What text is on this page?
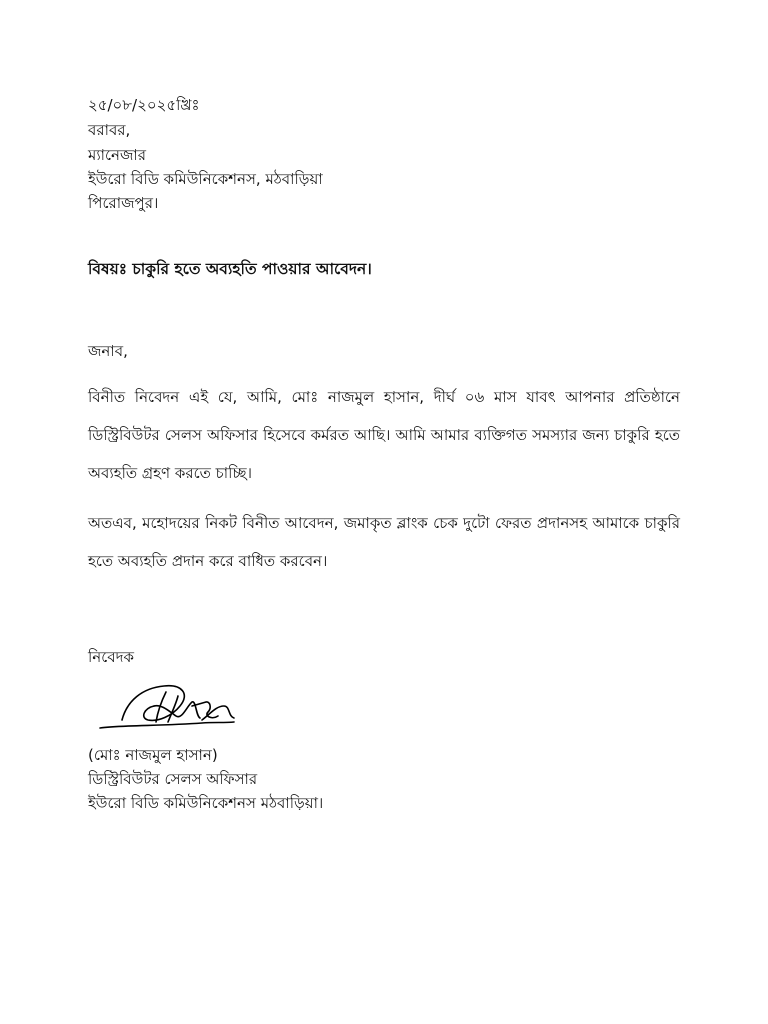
২৫/০৮/২০২৫খ্রিঃ
বরাবর,
ম্যানেজার
ইউরো বিডি কমিউনিকেশনস, মঠবাড়িয়া
পিরোজপুর।
বিষয়ঃ চাকুরি হতে অব্যহতি পাওয়ার আবেদন।
জনাব,
বিনীত নিবেদন এই যে, আমি, মোঃ নাজমুল হাসান, দীর্ঘ ০৬ মাস যাবৎ আপনার প্রতিষ্ঠানে ডিস্ট্রিবিউটর সেলস অফিসার হিসেবে কর্মরত আছি। আমি আমার ব্যক্তিগত সমস্যার জন্য চাকুরি হতে অব্যহতি গ্রহণ করতে চাচ্ছি।
অতএব, মহোদয়ের নিকট বিনীত আবেদন, জমাকৃত ব্লাংক চেক দুটো ফেরত প্রদানসহ আমাকে চাকুরি হতে অব্যহতি প্রদান করে বাধিত করবেন।
নিবেদক
(মোঃ নাজমুল হাসান)
ডিস্ট্রিবিউটর সেলস অফিসার
ইউরো বিডি কমিউনিকেশনস মঠবাড়িয়া।
